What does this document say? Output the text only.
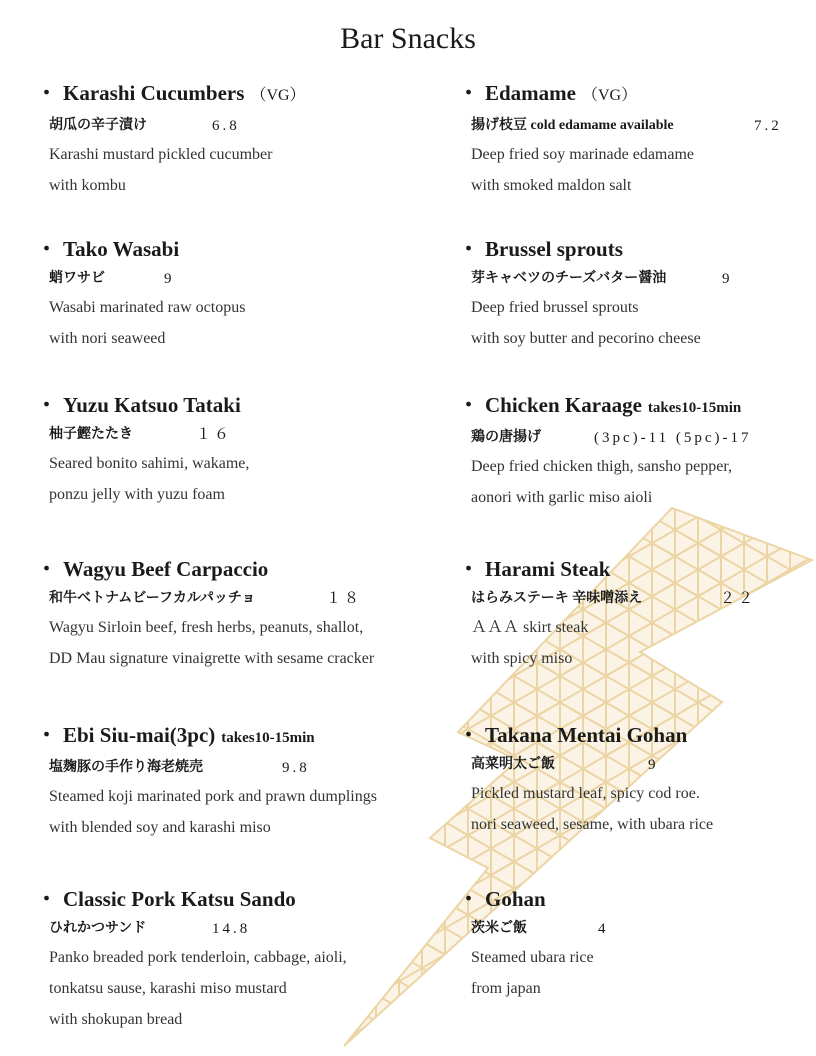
Bar Snacks
・ Karashi Cucumbers （VG）
胡瓜の辛子漬け	6.8
Karashi mustard pickled cucumber
with kombu
・ Edamame （VG）
揚げ枝豆 cold edamame available	7.2
Deep fried soy marinade edamame
with smoked maldon salt
・ Tako Wasabi
蛸ワサビ	9
Wasabi marinated raw octopus
with nori seaweed
・ Brussel sprouts
芽キャベツのチーズバター醤油	9
Deep fried brussel sprouts
with soy butter and pecorino cheese
・ Yuzu Katsuo Tataki
柚子鰹たたき	１６
Seared bonito sahimi, wakame,
ponzu jelly with yuzu foam
・ Chicken Karaage takes10-15min
鶏の唐揚げ	(3pc)-11 (5pc)-17
Deep fried chicken thigh, sansho pepper,
aonori with garlic miso aioli
・ Wagyu Beef Carpaccio
和牛ベトナムビーフカルパッチョ	１８
Wagyu Sirloin beef, fresh herbs, peanuts, shallot,
DD Mau signature vinaigrette with sesame cracker
・ Harami Steak
はらみステーキ 辛味噌添え	２２
ＡＡＡ skirt steak
with spicy miso
・ Ebi Siu-mai(3pc) takes10-15min
塩麹豚の手作り海老焼売	9.8
Steamed koji marinated pork and prawn dumplings
with blended soy and karashi miso
・ Takana Mentai Gohan
高菜明太ご飯	9
Pickled mustard leaf, spicy cod roe.
nori seaweed, sesame, with ubara rice
・ Classic Pork Katsu Sando
ひれかつサンド	14.8
Panko breaded pork tenderloin, cabbage, aioli,
tonkatsu sause, karashi miso mustard
with shokupan bread
・ Gohan
茨米ご飯	4
Steamed ubara rice
from japan
